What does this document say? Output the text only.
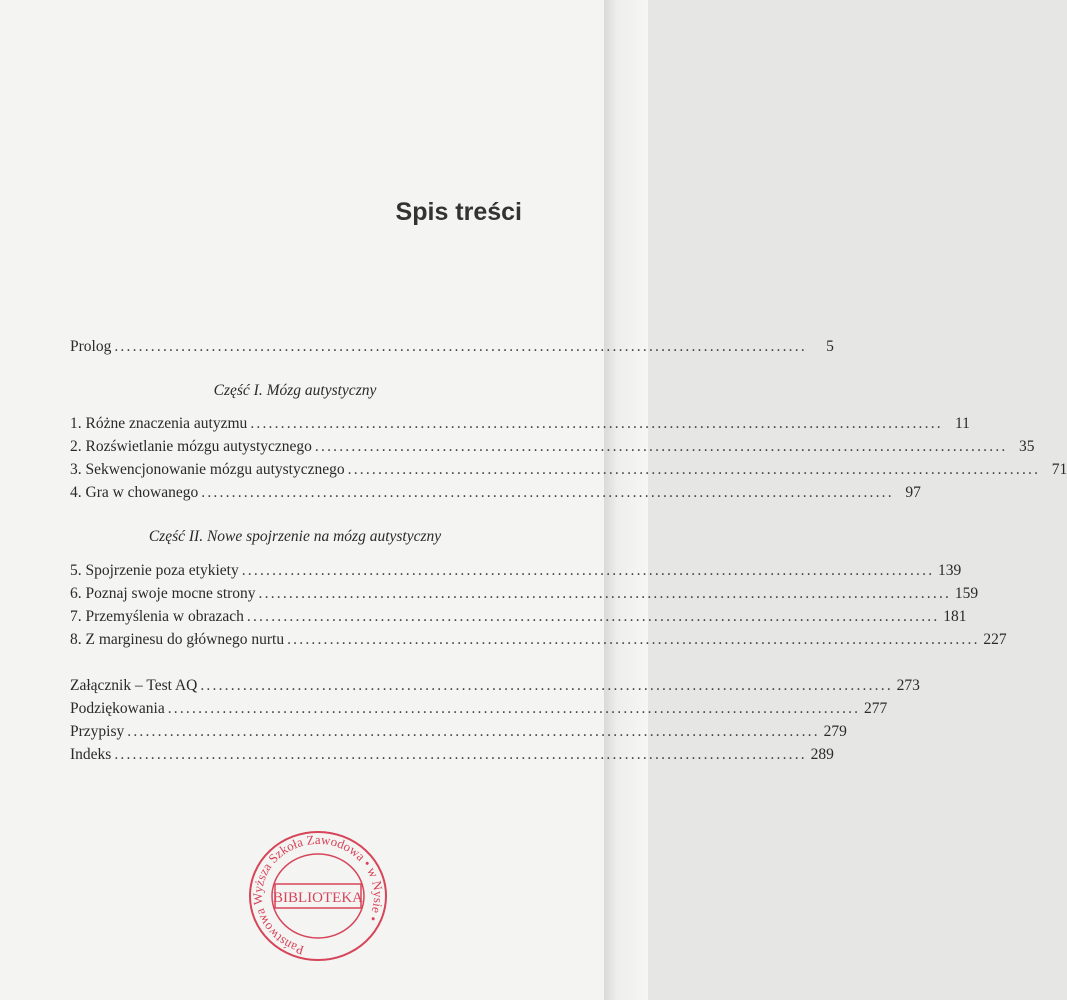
Spis treści
Prolog ..................................................................................................................	5
Część I. Mózg autystyczny
1. Różne znaczenia autyzmu .................................................................................................................. 11
2. Rozświetlanie mózgu autystycznego .................................................................................................................. 35
3. Sekwencjonowanie mózgu autystycznego .................................................................................................................. 71
4. Gra w chowanego .................................................................................................................. 97
Część II. Nowe spojrzenie na mózg autystyczny
5. Spojrzenie poza etykiety .................................................................................................................. 139
6. Poznaj swoje mocne strony .................................................................................................................. 159
7. Przemyślenia w obrazach .................................................................................................................. 181
8. Z marginesu do głównego nurtu .................................................................................................................. 227
Załącznik – Test AQ .................................................................................................................. 273
Podziękowania .................................................................................................................. 277
Przypisy .................................................................................................................. 279
Indeks .................................................................................................................. 289
Państwowa Wyższa Szkoła Zawodowa • w Nysie •
BIBLIOTEKA
